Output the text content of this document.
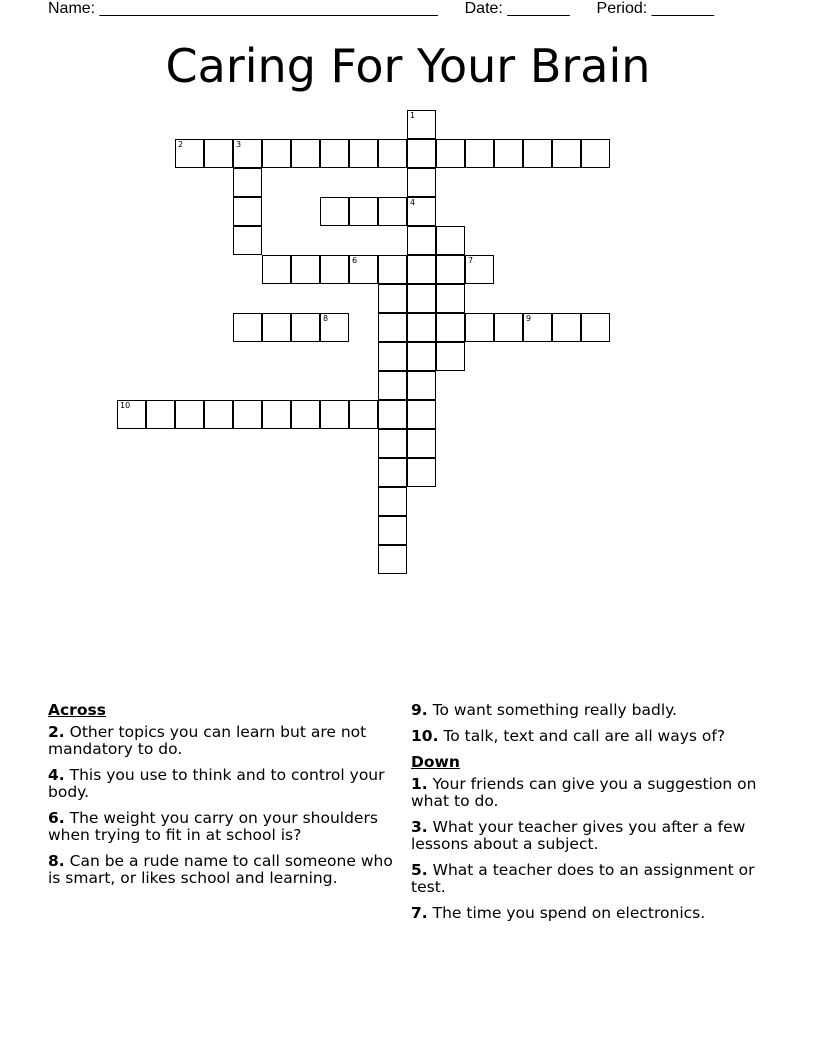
Name: ______________________________________ Date: _______ Period: _______
Caring For Your Brain
1
4
2	3
6	7
8	9
10
Across
2. Other topics you can learn but are not mandatory to do.
4. This you use to think and to control your body.
6. The weight you carry on your shoulders when trying to fit in at school is?
8. Can be a rude name to call someone who is smart, or likes school and learning.
9. To want something really badly.
10. To talk, text and call are all ways of?
Down
1. Your friends can give you a suggestion on what to do.
3. What your teacher gives you after a few lessons about a subject.
5. What a teacher does to an assignment or test.
7. The time you spend on electronics.
